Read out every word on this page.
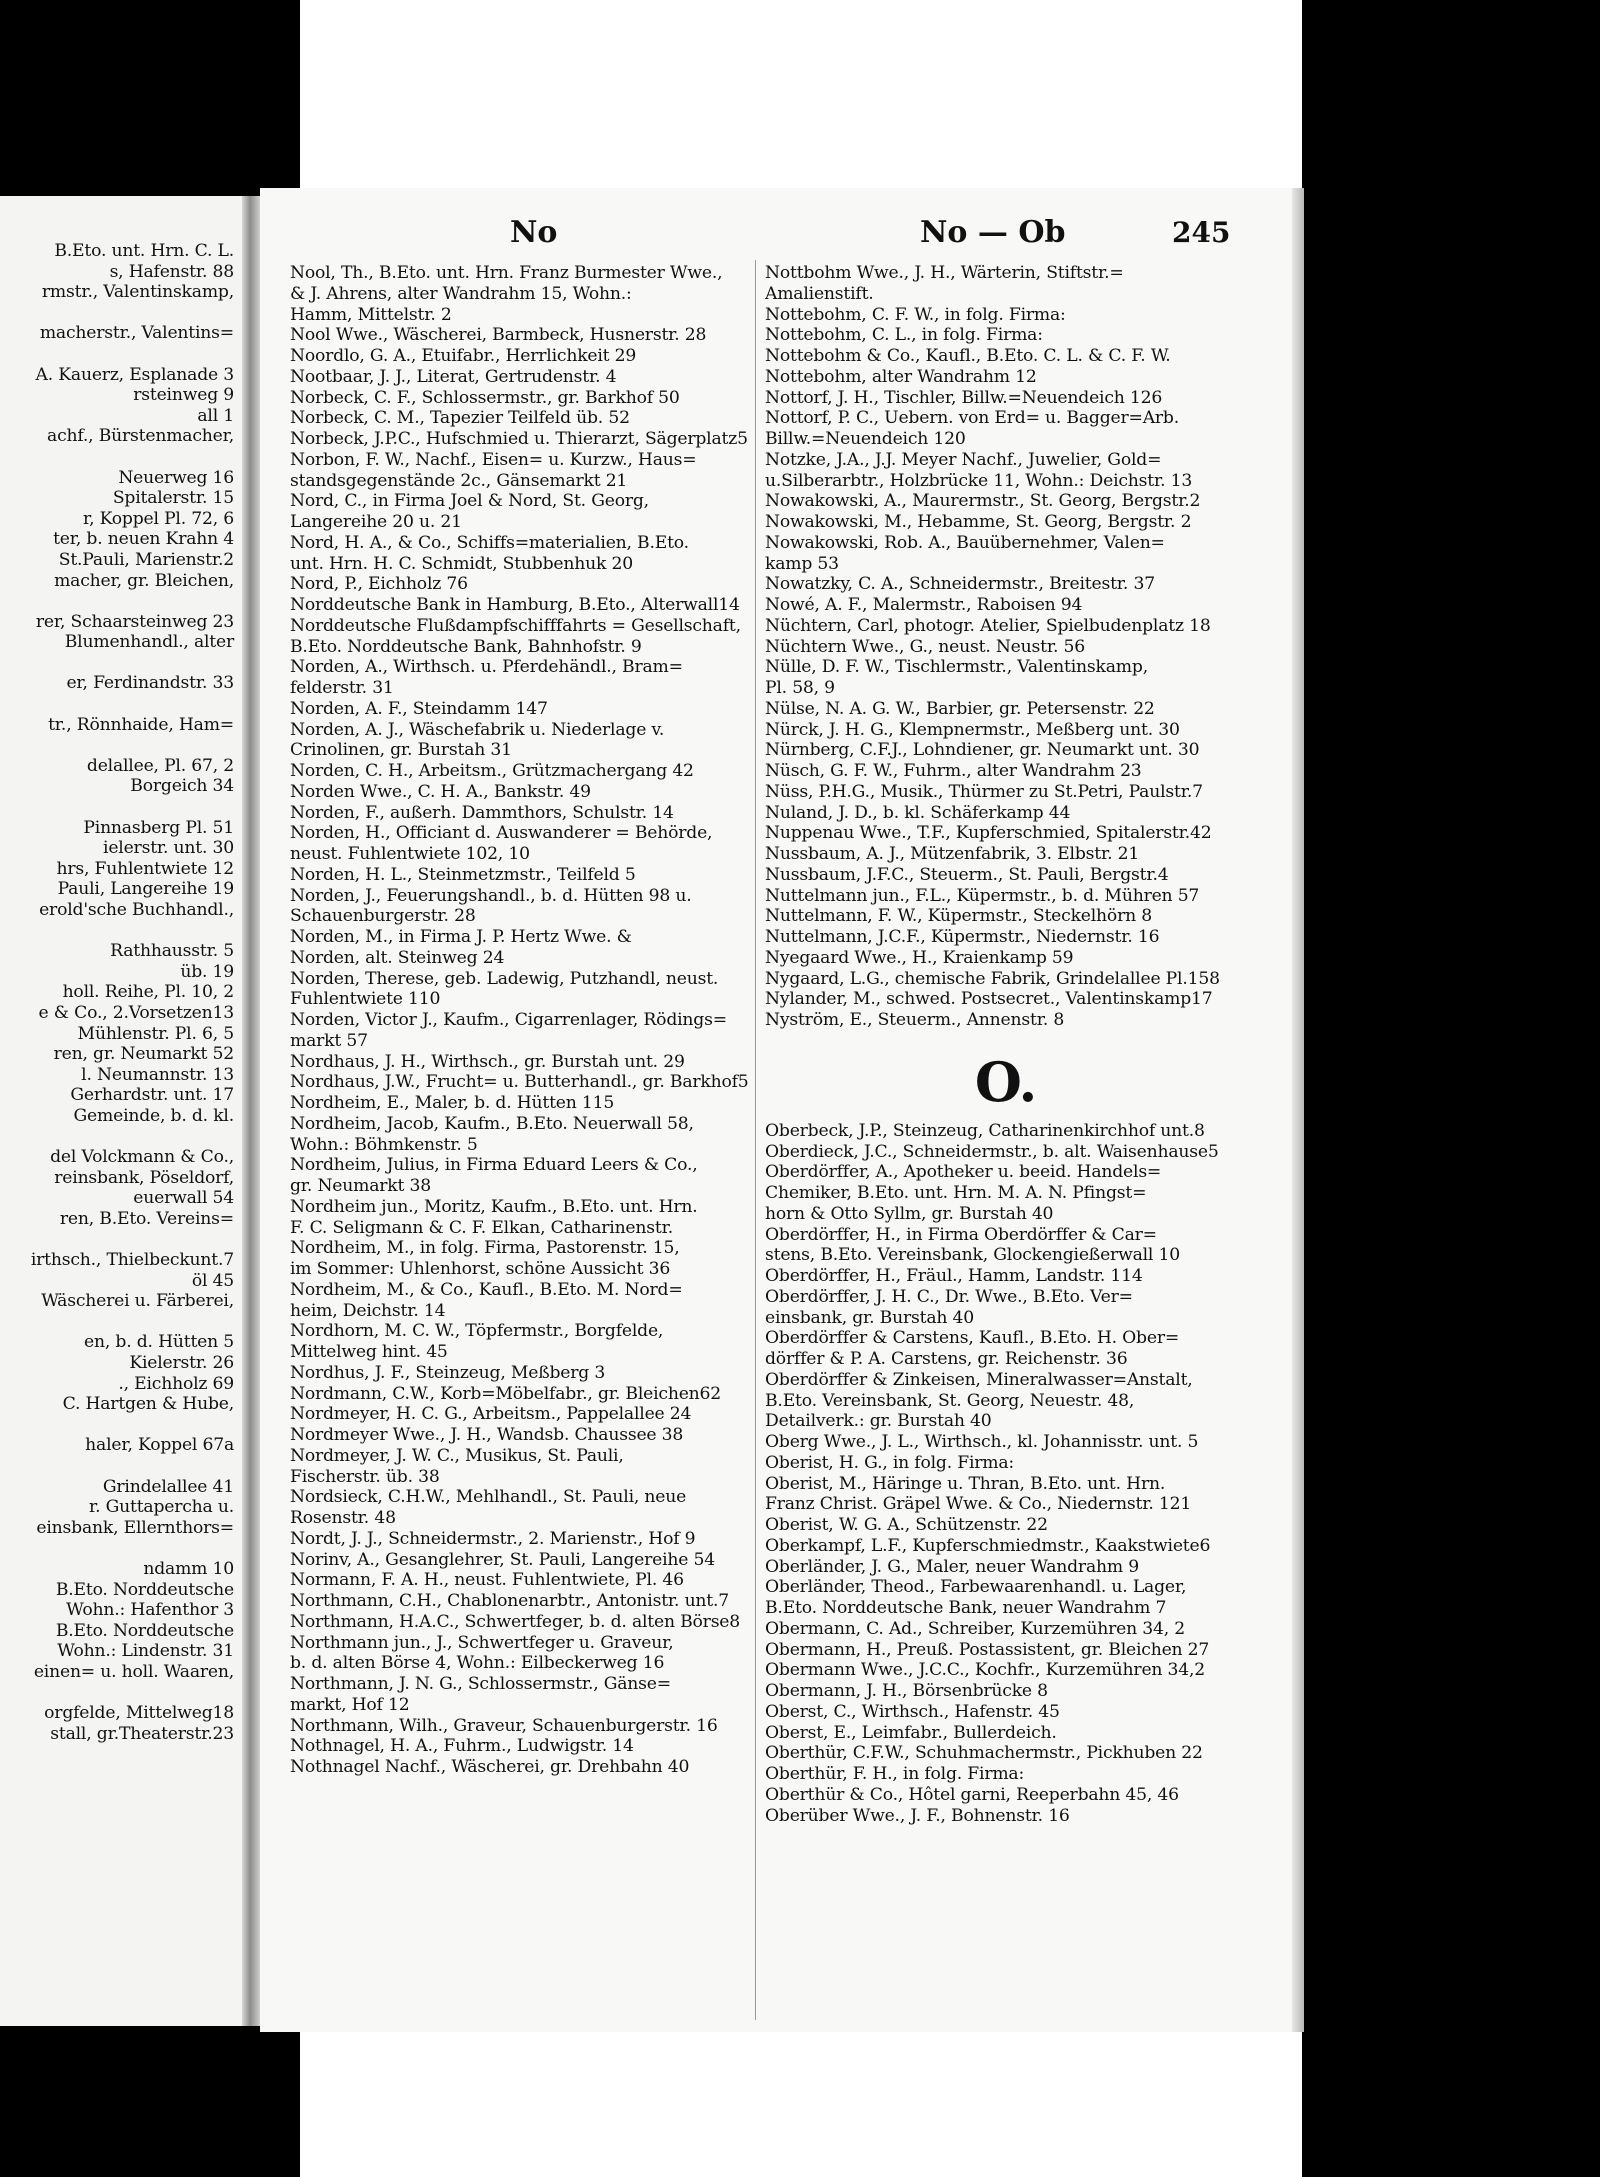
B.Eto. unt. Hrn. C. L.
s, Hafenstr. 88
rmstr., Valentinskamp,
macherstr., Valentins=
A. Kauerz, Esplanade 3
rsteinweg 9
all 1
achf., Bürstenmacher,
Neuerweg 16
Spitalerstr. 15
r, Koppel Pl. 72, 6
ter, b. neuen Krahn 4
St.Pauli, Marienstr.2
macher, gr. Bleichen,
rer, Schaarsteinweg 23
Blumenhandl., alter
er, Ferdinandstr. 33
tr., Rönnhaide, Ham=
delallee, Pl. 67, 2
Borgeich 34
Pinnasberg Pl. 51
ielerstr. unt. 30
hrs, Fuhlentwiete 12
Pauli, Langereihe 19
erold'sche Buchhandl.,
Rathhausstr. 5
üb. 19
holl. Reihe, Pl. 10, 2
e & Co., 2.Vorsetzen13
Mühlenstr. Pl. 6, 5
ren, gr. Neumarkt 52
l. Neumannstr. 13
Gerhardstr. unt. 17
Gemeinde, b. d. kl.
del Volckmann & Co.,
reinsbank, Pöseldorf,
euerwall 54
ren, B.Eto. Vereins=
irthsch., Thielbeckunt.7
öl 45
Wäscherei u. Färberei,
en, b. d. Hütten 5
Kielerstr. 26
., Eichholz 69
C. Hartgen & Hube,
haler, Koppel 67a
Grindelallee 41
r. Guttapercha u.
einsbank, Ellernthors=
ndamm 10
B.Eto. Norddeutsche
Wohn.: Hafenthor 3
B.Eto. Norddeutsche
Wohn.: Lindenstr. 31
einen= u. holl. Waaren,
orgfelde, Mittelweg18
stall, gr.Theaterstr.23
No	No — Ob	245
Nool, Th., B.Eto. unt. Hrn. Franz Burmester Wwe.,
& J. Ahrens, alter Wandrahm 15, Wohn.:
Hamm, Mittelstr. 2
Nool Wwe., Wäscherei, Barmbeck, Husnerstr. 28
Noordlo, G. A., Etuifabr., Herrlichkeit 29
Nootbaar, J. J., Literat, Gertrudenstr. 4
Norbeck, C. F., Schlossermstr., gr. Barkhof 50
Norbeck, C. M., Tapezier Teilfeld üb. 52
Norbeck, J.P.C., Hufschmied u. Thierarzt, Sägerplatz5
Norbon, F. W., Nachf., Eisen= u. Kurzw., Haus=
standsgegenstände 2c., Gänsemarkt 21
Nord, C., in Firma Joel & Nord, St. Georg,
Langereihe 20 u. 21
Nord, H. A., & Co., Schiffs=materialien, B.Eto.
unt. Hrn. H. C. Schmidt, Stubbenhuk 20
Nord, P., Eichholz 76
Norddeutsche Bank in Hamburg, B.Eto., Alterwall14
Norddeutsche Flußdampfschifffahrts = Gesellschaft,
B.Eto. Norddeutsche Bank, Bahnhofstr. 9
Norden, A., Wirthsch. u. Pferdehändl., Bram=
felderstr. 31
Norden, A. F., Steindamm 147
Norden, A. J., Wäschefabrik u. Niederlage v.
Crinolinen, gr. Burstah 31
Norden, C. H., Arbeitsm., Grützmachergang 42
Norden Wwe., C. H. A., Bankstr. 49
Norden, F., außerh. Dammthors, Schulstr. 14
Norden, H., Officiant d. Auswanderer = Behörde,
neust. Fuhlentwiete 102, 10
Norden, H. L., Steinmetzmstr., Teilfeld 5
Norden, J., Feuerungshandl., b. d. Hütten 98 u.
Schauenburgerstr. 28
Norden, M., in Firma J. P. Hertz Wwe. &
Norden, alt. Steinweg 24
Norden, Therese, geb. Ladewig, Putzhandl, neust.
Fuhlentwiete 110
Norden, Victor J., Kaufm., Cigarrenlager, Rödings=
markt 57
Nordhaus, J. H., Wirthsch., gr. Burstah unt. 29
Nordhaus, J.W., Frucht= u. Butterhandl., gr. Barkhof5
Nordheim, E., Maler, b. d. Hütten 115
Nordheim, Jacob, Kaufm., B.Eto. Neuerwall 58,
Wohn.: Böhmkenstr. 5
Nordheim, Julius, in Firma Eduard Leers & Co.,
gr. Neumarkt 38
Nordheim jun., Moritz, Kaufm., B.Eto. unt. Hrn.
F. C. Seligmann & C. F. Elkan, Catharinenstr.
Nordheim, M., in folg. Firma, Pastorenstr. 15,
im Sommer: Uhlenhorst, schöne Aussicht 36
Nordheim, M., & Co., Kaufl., B.Eto. M. Nord=
heim, Deichstr. 14
Nordhorn, M. C. W., Töpfermstr., Borgfelde,
Mittelweg hint. 45
Nordhus, J. F., Steinzeug, Meßberg 3
Nordmann, C.W., Korb=Möbelfabr., gr. Bleichen62
Nordmeyer, H. C. G., Arbeitsm., Pappelallee 24
Nordmeyer Wwe., J. H., Wandsb. Chaussee 38
Nordmeyer, J. W. C., Musikus, St. Pauli,
Fischerstr. üb. 38
Nordsieck, C.H.W., Mehlhandl., St. Pauli, neue
Rosenstr. 48
Nordt, J. J., Schneidermstr., 2. Marienstr., Hof 9
Norinv, A., Gesanglehrer, St. Pauli, Langereihe 54
Normann, F. A. H., neust. Fuhlentwiete, Pl. 46
Northmann, C.H., Chablonenarbtr., Antonistr. unt.7
Northmann, H.A.C., Schwertfeger, b. d. alten Börse8
Northmann jun., J., Schwertfeger u. Graveur,
b. d. alten Börse 4, Wohn.: Eilbeckerweg 16
Northmann, J. N. G., Schlossermstr., Gänse=
markt, Hof 12
Northmann, Wilh., Graveur, Schauenburgerstr. 16
Nothnagel, H. A., Fuhrm., Ludwigstr. 14
Nothnagel Nachf., Wäscherei, gr. Drehbahn 40
Nottbohm Wwe., J. H., Wärterin, Stiftstr.=
Amalienstift.
Nottebohm, C. F. W., in folg. Firma:
Nottebohm, C. L., in folg. Firma:
Nottebohm & Co., Kaufl., B.Eto. C. L. & C. F. W.
Nottebohm, alter Wandrahm 12
Nottorf, J. H., Tischler, Billw.=Neuendeich 126
Nottorf, P. C., Uebern. von Erd= u. Bagger=Arb.
Billw.=Neuendeich 120
Notzke, J.A., J.J. Meyer Nachf., Juwelier, Gold=
u.Silberarbtr., Holzbrücke 11, Wohn.: Deichstr. 13
Nowakowski, A., Maurermstr., St. Georg, Bergstr.2
Nowakowski, M., Hebamme, St. Georg, Bergstr. 2
Nowakowski, Rob. A., Bauübernehmer, Valen=
kamp 53
Nowatzky, C. A., Schneidermstr., Breitestr. 37
Nowé, A. F., Malermstr., Raboisen 94
Nüchtern, Carl, photogr. Atelier, Spielbudenplatz 18
Nüchtern Wwe., G., neust. Neustr. 56
Nülle, D. F. W., Tischlermstr., Valentinskamp,
Pl. 58, 9
Nülse, N. A. G. W., Barbier, gr. Petersenstr. 22
Nürck, J. H. G., Klempnermstr., Meßberg unt. 30
Nürnberg, C.F.J., Lohndiener, gr. Neumarkt unt. 30
Nüsch, G. F. W., Fuhrm., alter Wandrahm 23
Nüss, P.H.G., Musik., Thürmer zu St.Petri, Paulstr.7
Nuland, J. D., b. kl. Schäferkamp 44
Nuppenau Wwe., T.F., Kupferschmied, Spitalerstr.42
Nussbaum, A. J., Mützenfabrik, 3. Elbstr. 21
Nussbaum, J.F.C., Steuerm., St. Pauli, Bergstr.4
Nuttelmann jun., F.L., Küpermstr., b. d. Mühren 57
Nuttelmann, F. W., Küpermstr., Steckelhörn 8
Nuttelmann, J.C.F., Küpermstr., Niedernstr. 16
Nyegaard Wwe., H., Kraienkamp 59
Nygaard, L.G., chemische Fabrik, Grindelallee Pl.158
Nylander, M., schwed. Postsecret., Valentinskamp17
Nyström, E., Steuerm., Annenstr. 8
O.
Oberbeck, J.P., Steinzeug, Catharinenkirchhof unt.8
Oberdieck, J.C., Schneidermstr., b. alt. Waisenhause5
Oberdörffer, A., Apotheker u. beeid. Handels=
Chemiker, B.Eto. unt. Hrn. M. A. N. Pfingst=
horn & Otto Syllm, gr. Burstah 40
Oberdörffer, H., in Firma Oberdörffer & Car=
stens, B.Eto. Vereinsbank, Glockengießerwall 10
Oberdörffer, H., Fräul., Hamm, Landstr. 114
Oberdörffer, J. H. C., Dr. Wwe., B.Eto. Ver=
einsbank, gr. Burstah 40
Oberdörffer & Carstens, Kaufl., B.Eto. H. Ober=
dörffer & P. A. Carstens, gr. Reichenstr. 36
Oberdörffer & Zinkeisen, Mineralwasser=Anstalt,
B.Eto. Vereinsbank, St. Georg, Neuestr. 48,
Detailverk.: gr. Burstah 40
Oberg Wwe., J. L., Wirthsch., kl. Johannisstr. unt. 5
Oberist, H. G., in folg. Firma:
Oberist, M., Häringe u. Thran, B.Eto. unt. Hrn.
Franz Christ. Gräpel Wwe. & Co., Niedernstr. 121
Oberist, W. G. A., Schützenstr. 22
Oberkampf, L.F., Kupferschmiedmstr., Kaakstwiete6
Oberländer, J. G., Maler, neuer Wandrahm 9
Oberländer, Theod., Farbewaarenhandl. u. Lager,
B.Eto. Norddeutsche Bank, neuer Wandrahm 7
Obermann, C. Ad., Schreiber, Kurzemühren 34, 2
Obermann, H., Preuß. Postassistent, gr. Bleichen 27
Obermann Wwe., J.C.C., Kochfr., Kurzemühren 34,2
Obermann, J. H., Börsenbrücke 8
Oberst, C., Wirthsch., Hafenstr. 45
Oberst, E., Leimfabr., Bullerdeich.
Oberthür, C.F.W., Schuhmachermstr., Pickhuben 22
Oberthür, F. H., in folg. Firma:
Oberthür & Co., Hôtel garni, Reeperbahn 45, 46
Oberüber Wwe., J. F., Bohnenstr. 16
